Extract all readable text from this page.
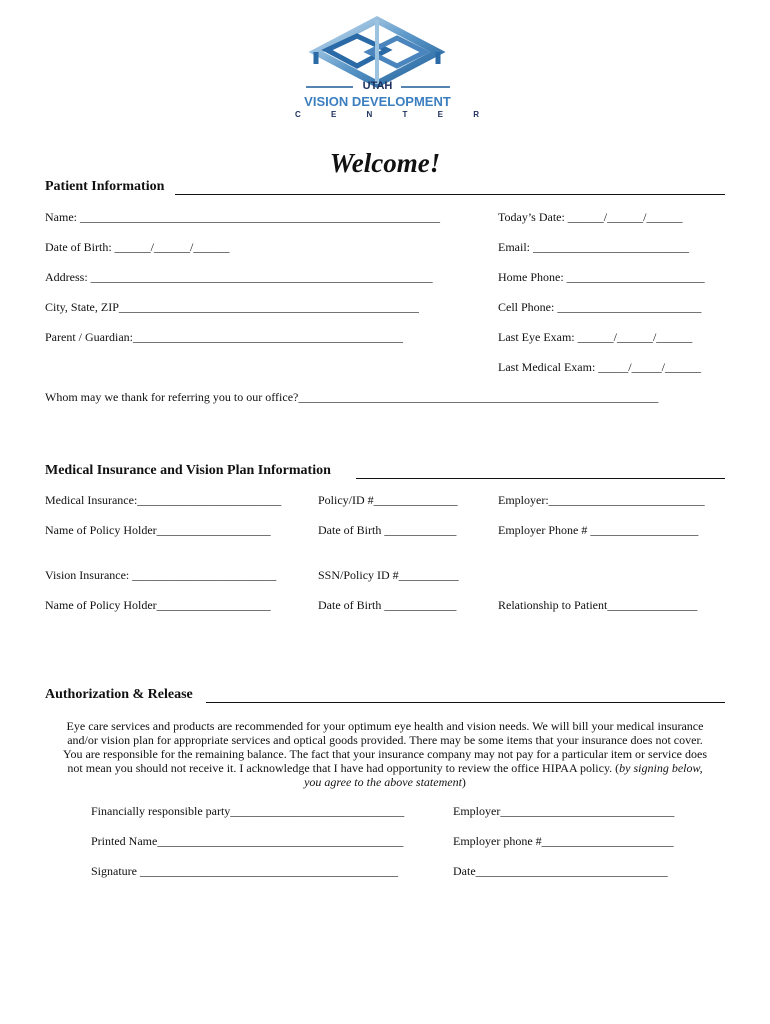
UTAH
VISION DEVELOPMENT
C E N T E R
Welcome!
Patient Information
Name: ____________________________________________________________	Today’s Date: ______/______/______
Date of Birth: ______/______/______	Email: __________________________
Address: _________________________________________________________	Home Phone: _______________________
City, State, ZIP__________________________________________________	Cell Phone: ________________________
Parent / Guardian:_____________________________________________	Last Eye Exam: ______/______/______
Last Medical Exam: _____/_____/______
Whom may we thank for referring you to our office?____________________________________________________________
Medical Insurance and Vision Plan Information
Medical Insurance:________________________	Policy/ID #______________	Employer:__________________________
Name of Policy Holder___________________	Date of Birth ____________	Employer Phone # __________________
Vision Insurance: ________________________	SSN/Policy ID #__________
Name of Policy Holder___________________	Date of Birth ____________	Relationship to Patient_______________
Authorization & Release
Eye care services and products are recommended for your optimum eye health and vision needs. We will bill your medical insurance and/or vision plan for appropriate services and optical goods provided. There may be some items that your insurance does not cover. You are responsible for the remaining balance. The fact that your insurance company may not pay for a particular item or service does not mean you should not receive it. I acknowledge that I have had opportunity to review the office HIPAA policy. (by signing below, you agree to the above statement)
Financially responsible party_____________________________	Employer_____________________________
Printed Name_________________________________________	Employer phone #______________________
Signature ___________________________________________	Date________________________________
